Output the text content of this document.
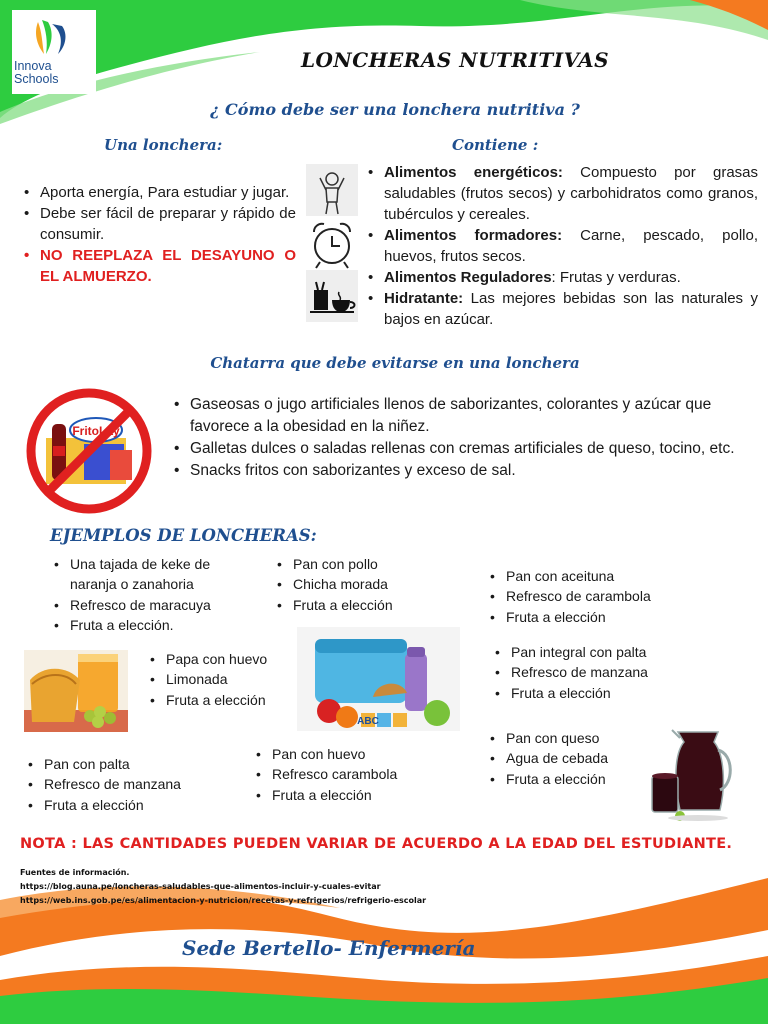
Innova
Schools
LONCHERAS NUTRITIVAS
¿ Cómo debe ser una lonchera nutritiva ?
Una lonchera:	Contiene :
• Aporta energía, Para estudiar y jugar.
• Debe ser fácil de preparar y rápido de consumir.
• NO REEPLAZA EL DESAYUNO O EL ALMUERZO.
• Alimentos energéticos: Compuesto por grasas saludables (frutos secos) y carbohidratos como granos, tubérculos y cereales.
• Alimentos formadores: Carne, pescado, pollo, huevos, frutos secos.
• Alimentos Reguladores: Frutas y verduras.
• Hidratante: Las mejores bebidas son las naturales y bajos en azúcar.
Chatarra que debe evitarse en una lonchera
FritoLay
• Gaseosas o jugo artificiales llenos de saborizantes, colorantes y azúcar que favorece a la obesidad en la niñez.
• Galletas dulces o saladas rellenas con cremas artificiales de queso, tocino, etc.
• Snacks fritos con saborizantes y exceso de sal.
EJEMPLOS DE LONCHERAS:
• Una tajada de keke de naranja o zanahoria
• Refresco de maracuya
• Fruta a elección.
• Pan con pollo
• Chicha morada
• Fruta a elección
• Pan con aceituna
• Refresco de carambola
• Fruta a elección
• Papa con huevo
• Limonada
• Fruta a elección
ABC
• Pan integral con palta
• Refresco de manzana
• Fruta a elección
• Pan con palta
• Refresco de manzana
• Fruta a elección
• Pan con huevo
• Refresco carambola
• Fruta a elección
• Pan con queso
• Agua de cebada
• Fruta a elección
NOTA : LAS CANTIDADES PUEDEN VARIAR DE ACUERDO A LA EDAD DEL ESTUDIANTE.
Fuentes de información.
https://blog.auna.pe/loncheras-saludables-que-alimentos-incluir-y-cuales-evitar
https://web.ins.gob.pe/es/alimentacion-y-nutricion/recetas-y-refrigerios/refrigerio-escolar
Sede Bertello- Enfermería
